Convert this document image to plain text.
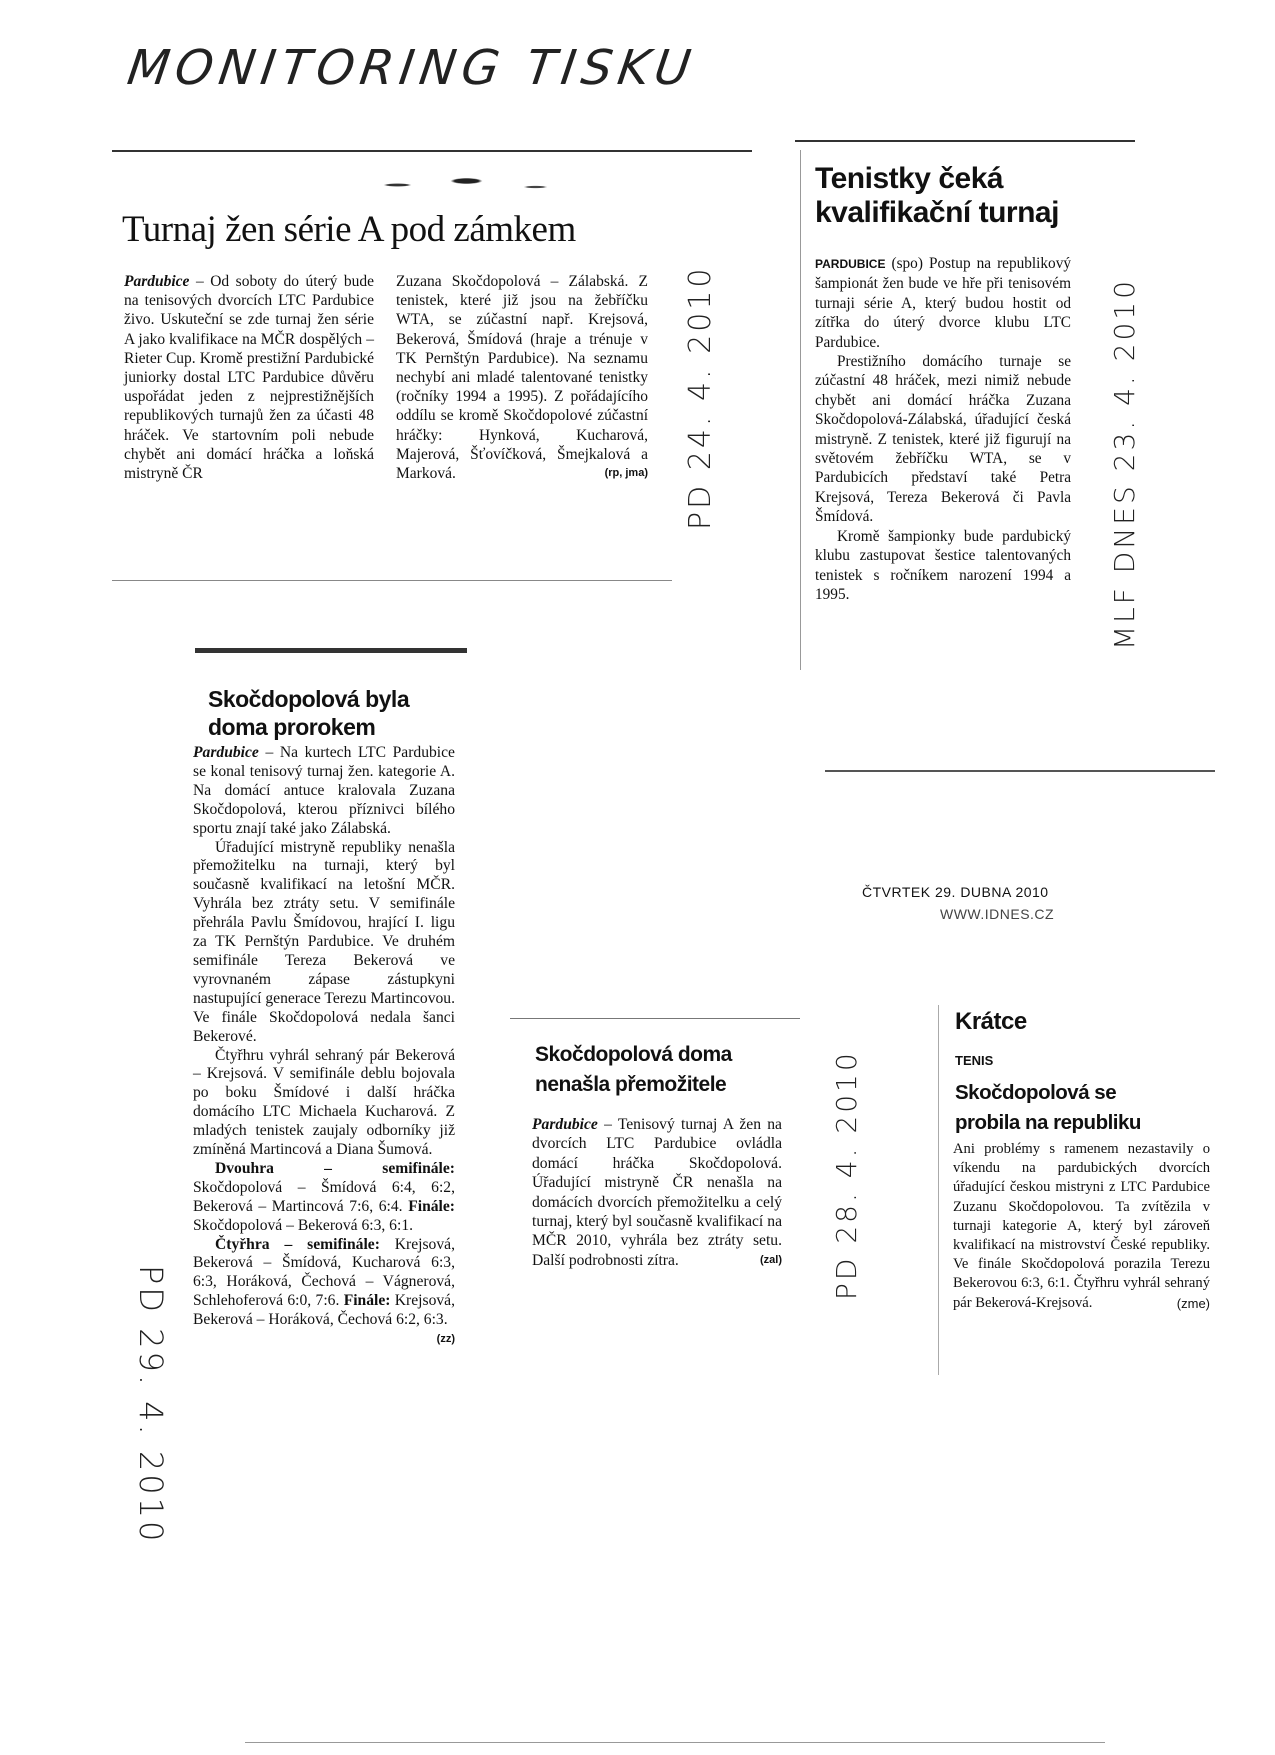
MONITORING TISKU
Turnaj žen série A pod zámkem

Pardubice – Od soboty do úterý bude na tenisových dvorcích LTC Pardubice živo. Uskuteční se zde turnaj žen série A jako kvalifikace na MČR dospělých – Rieter Cup. Kromě prestižní Pardubické juniorky dostal LTC Pardubice důvěru uspořádat jeden z nejprestižnějších republikových turnajů žen za účasti 48 hráček. Ve startovním poli nebude chybět ani domácí hráčka a loňská mistryně ČR

Zuzana Skočdopolová – Zálabská. Z tenistek, které již jsou na žebříčku WTA, se zúčastní např. Krejsová, Bekerová, Šmídová (hraje a trénuje v TK Pernštýn Pardubice). Na seznamu nechybí ani mladé talentované tenistky (ročníky 1994 a 1995). Z pořádajícího oddílu se kromě Skočdopolové zúčastní hráčky: Hynková, Kucharová, Majerová, Šťovíčková, Šmejkalová a Marková.	(rp, jma) PD 24. 4. 2010
Tenistky čeká kvalifikační turnaj

PARDUBICE (spo) Postup na republikový šampionát žen bude ve hře při tenisovém turnaji série A, který budou hostit od zítřka do úterý dvorce klubu LTC Pardubice.

Prestižního domácího turnaje se zúčastní 48 hráček, mezi nimiž nebude chybět ani domácí hráčka Zuzana Skočdopolová-Zálabská, úřadující česká mistryně. Z tenistek, které již figurují na světovém žebříčku WTA, se v Pardubicích představí také Petra Krejsová, Tereza Bekerová či Pavla Šmídová.

Kromě šampionky bude pardubický klubu zastupovat šestice talentovaných tenistek s ročníkem narození 1994 a 1995.	MLF DNES 23. 4. 2010
Skočdopolová byla doma prorokem

Pardubice – Na kurtech LTC Pardubice se konal tenisový turnaj žen. kategorie A. Na domácí antuce kralovala Zuzana Skočdopolová, kterou příznivci bílého sportu znají také jako Zálabská.

Úřadující mistryně republiky nenašla přemožitelku na turnaji, který byl současně kvalifikací na letošní MČR. Vyhrála bez ztráty setu. V semifinále přehrála Pavlu Šmídovou, hrající I. ligu za TK Pernštýn Pardubice. Ve druhém semifinále Tereza Bekerová ve vyrovnaném zápase zástupkyni nastupující generace Terezu Martincovou. Ve finále Skočdopolová nedala šanci Bekerové.

Čtyřhru vyhrál sehraný pár Bekerová – Krejsová. V semifinále deblu bojovala po boku Šmídové i další hráčka domácího LTC Michaela Kucharová. Z mladých tenistek zaujaly odborníky již zmíněná Martincová a Diana Šumová.

Dvouhra – semifinále: Skočdopolová – Šmídová 6:4, 6:2, Bekerová – Martincová 7:6, 6:4. Finále: Skočdopolová – Bekerová 6:3, 6:1.

Čtyřhra – semifinále: Krejsová, Bekerová – Šmídová, Kucharová 6:3, 6:3, Horáková, Čechová – Vágnerová, Schlehoferová 6:0, 7:6. Finále: Krejsová, Bekerová – Horáková, Čechová 6:2, 6:3.
(zz)

PD 29. 4. 2010
ČTVRTEK 29. DUBNA 2010
WWW.IDNES.CZ
Skočdopolová doma nenašla přemožitele

Pardubice – Tenisový turnaj A žen na dvorcích LTC Pardubice ovládla domácí hráčka Skočdopolová. Úřadující mistryně ČR nenašla na domácích dvorcích přemožitelku a celý turnaj, který byl současně kvalifikací na MČR 2010, vyhrála bez ztráty setu. Další podrobnosti zítra.	(zal) PD 28. 4. 2010
Krátce
TENIS
Skočdopolová se probila na republiku

Ani problémy s ramenem nezastavily o víkendu na pardubických dvorcích úřadující českou mistryni z LTC Pardubice Zuzanu Skočdopolovou. Ta zvítězila v turnaji kategorie A, který byl zároveň kvalifikací na mistrovství České republiky. Ve finále Skočdopolová porazila Terezu Bekerovou 6:3, 6:1. Čtyřhru vyhrál sehraný pár Bekerová-Krejsová.	(zme)
